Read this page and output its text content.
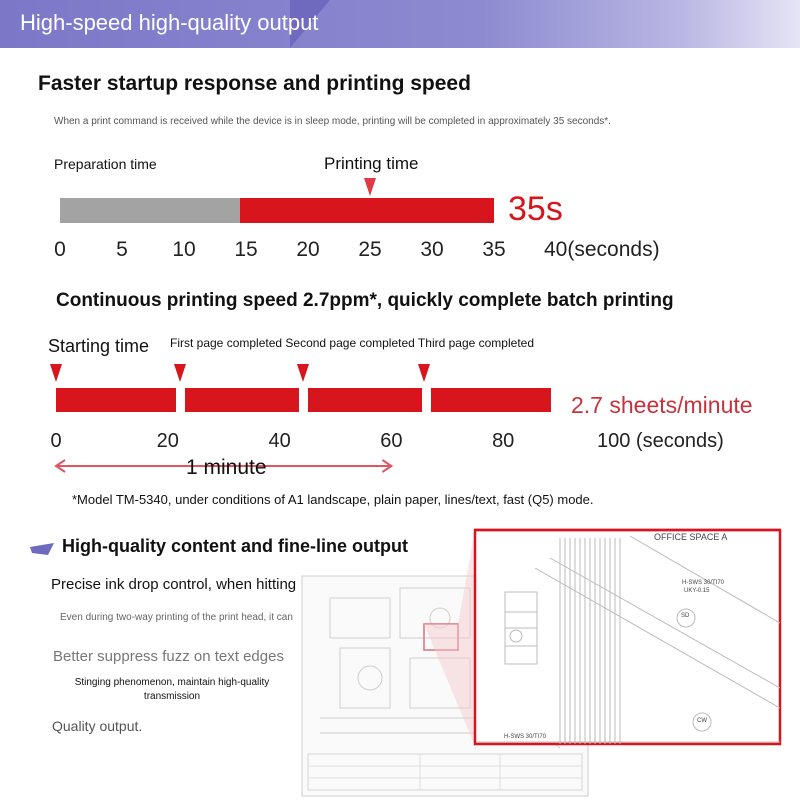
High-speed high-quality output
Faster startup response and printing speed
When a print command is received while the device is in sleep mode, printing will be completed in approximately 35 seconds*.
Preparation time	Printing time
0 5 10 15 20 25 30 35 40(seconds)
35s
Continuous printing speed 2.7ppm*, quickly complete batch printing
Starting time First page completed Second page completed Third page completed
0	20	40	60	80	100 (seconds)
2.7 sheets/minute
1 minute
*Model TM-5340, under conditions of A1 landscape, plain paper, lines/text, fast (Q5) mode.
High-quality content and fine-line output
Precise ink drop control, when hitting
Even during two-way printing of the print head, it can
Better suppress fuzz on text edges
Stinging phenomenon, maintain high-quality transmission
Quality output.
OFFICE SPACE A
H-SWS 30/TI70
UKY-0.15
SD
CW
H-SWS 30/TI70
